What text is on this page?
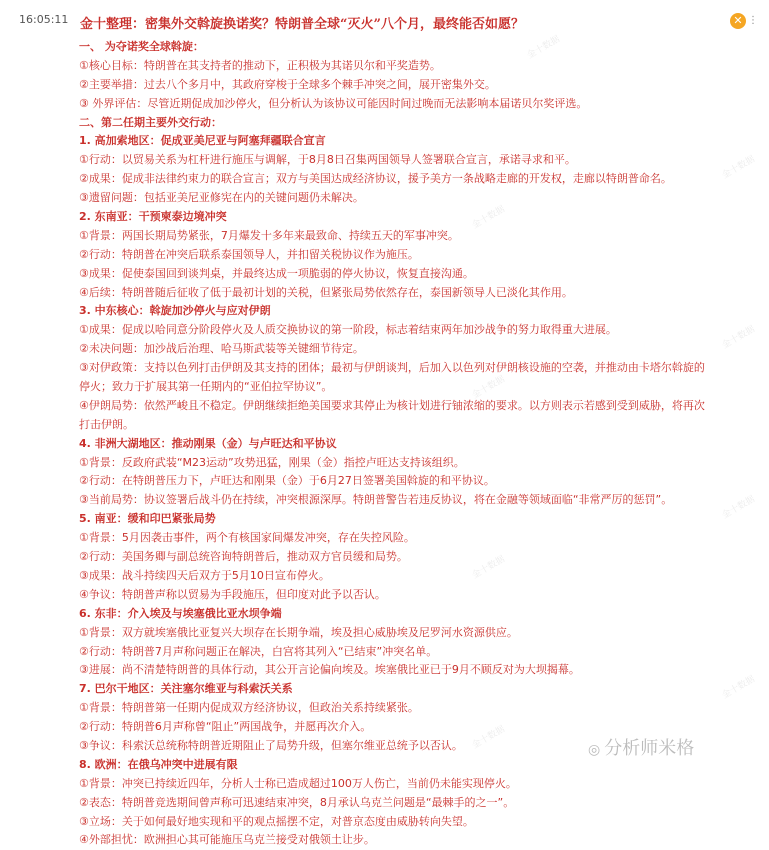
16:05:11 金十整理：密集外交斡旋换诺奖？特朗普全球“灭火”八个月，最终能否如愿？	✕ ⋮
一、 为夺诺奖全球斡旋：
①核心目标：特朗普在其支持者的推动下，正积极为其诺贝尔和平奖造势。
②主要举措：过去八个多月中，其政府穿梭于全球多个棘手冲突之间，展开密集外交。
③ 外界评估：尽管近期促成加沙停火，但分析认为该协议可能因时间过晚而无法影响本届诺贝尔奖评选。
二、第二任期主要外交行动：
1. 高加索地区：促成亚美尼亚与阿塞拜疆联合宣言
①行动：以贸易关系为杠杆进行施压与调解，于8月8日召集两国领导人签署联合宣言，承诺寻求和平。
②成果：促成非法律约束力的联合宣言；双方与美国达成经济协议，援予美方一条战略走廊的开发权，走廊以特朗普命名。
③遗留问题：包括亚美尼亚修宪在内的关键问题仍未解决。
2. 东南亚：干预柬泰边境冲突
①背景：两国长期局势紧张，7月爆发十多年来最致命、持续五天的军事冲突。
②行动：特朗普在冲突后联系泰国领导人，并扣留关税协议作为施压。
③成果：促使泰国回到谈判桌，并最终达成一项脆弱的停火协议，恢复直接沟通。
④后续：特朗普随后征收了低于最初计划的关税，但紧张局势依然存在，泰国新领导人已淡化其作用。
3. 中东核心：斡旋加沙停火与应对伊朗
①成果：促成以哈同意分阶段停火及人质交换协议的第一阶段，标志着结束两年加沙战争的努力取得重大进展。
②未决问题：加沙战后治理、哈马斯武装等关键细节待定。
③对伊政策：支持以色列打击伊朗及其支持的团体；最初与伊朗谈判，后加入以色列对伊朗核设施的空袭，并推动由卡塔尔斡旋的
停火；致力于扩展其第一任期内的“亚伯拉罕协议”。
④伊朗局势：依然严峻且不稳定。伊朗继续拒绝美国要求其停止为核计划进行铀浓缩的要求。以方则表示若感到受到威胁，将再次
打击伊朗。
4. 非洲大湖地区：推动刚果（金）与卢旺达和平协议
①背景：反政府武装“M23运动”攻势迅猛，刚果（金）指控卢旺达支持该组织。
②行动：在特朗普压力下，卢旺达和刚果（金）于6月27日签署美国斡旋的和平协议。
③当前局势：协议签署后战斗仍在持续，冲突根源深厚。特朗普警告若违反协议，将在金融等领域面临“非常严厉的惩罚”。
5. 南亚：缓和印巴紧张局势
①背景：5月因袭击事件，两个有核国家间爆发冲突，存在失控风险。
②行动：美国务卿与副总统咨询特朗普后，推动双方官员缓和局势。
③成果：战斗持续四天后双方于5月10日宣布停火。
④争议：特朗普声称以贸易为手段施压，但印度对此予以否认。
6. 东非：介入埃及与埃塞俄比亚水坝争端
①背景：双方就埃塞俄比亚复兴大坝存在长期争端，埃及担心威胁埃及尼罗河水资源供应。
②行动：特朗普7月声称问题正在解决，白宫将其列入“已结束”冲突名单。
③进展：尚不清楚特朗普的具体行动，其公开言论偏向埃及。埃塞俄比亚已于9月不顾反对为大坝揭幕。
7. 巴尔干地区：关注塞尔维亚与科索沃关系
①背景：特朗普第一任期内促成双方经济协议，但政治关系持续紧张。
②行动：特朗普6月声称曾“阻止”两国战争，并愿再次介入。
③争议：科索沃总统称特朗普近期阻止了局势升级，但塞尔维亚总统予以否认。
8. 欧洲：在俄乌冲突中进展有限
①背景：冲突已持续近四年，分析人士称已造成超过100万人伤亡，当前仍未能实现停火。
②表态：特朗普竞选期间曾声称可迅速结束冲突，8月承认乌克兰问题是“最棘手的之一”。
③立场：关于如何最好地实现和平的观点摇摆不定，对普京态度由威胁转向失望。
④外部担忧：欧洲担心其可能施压乌克兰接受对俄领土让步。
金十数据
金十数据
金十数据
金十数据
金十数据
金十数据
金十数据
金十数据
金十数据	◎ 分析师米格
